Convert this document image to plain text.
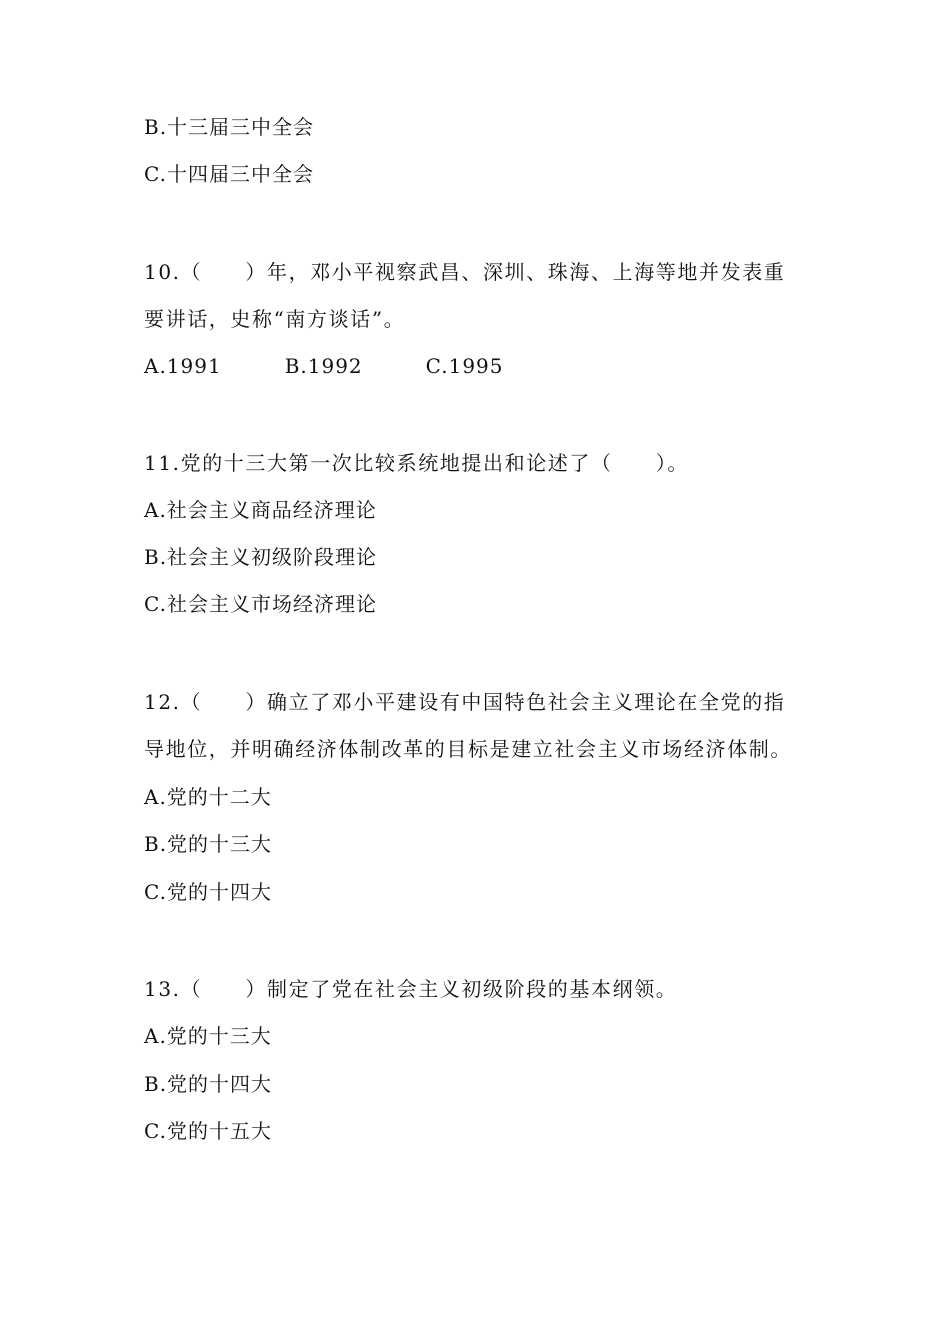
B.十三届三中全会
C.十四届三中全会
10.（　　）年，邓小平视察武昌、深圳、珠海、上海等地并发表重
要讲话，史称“南方谈话”。
A.1991　　　B.1992　　　C.1995
11.党的十三大第一次比较系统地提出和论述了（　　）。
A.社会主义商品经济理论
B.社会主义初级阶段理论
C.社会主义市场经济理论
12.（　　）确立了邓小平建设有中国特色社会主义理论在全党的指
导地位，并明确经济体制改革的目标是建立社会主义市场经济体制。
A.党的十二大
B.党的十三大
C.党的十四大
13.（　　）制定了党在社会主义初级阶段的基本纲领。
A.党的十三大
B.党的十四大
C.党的十五大
